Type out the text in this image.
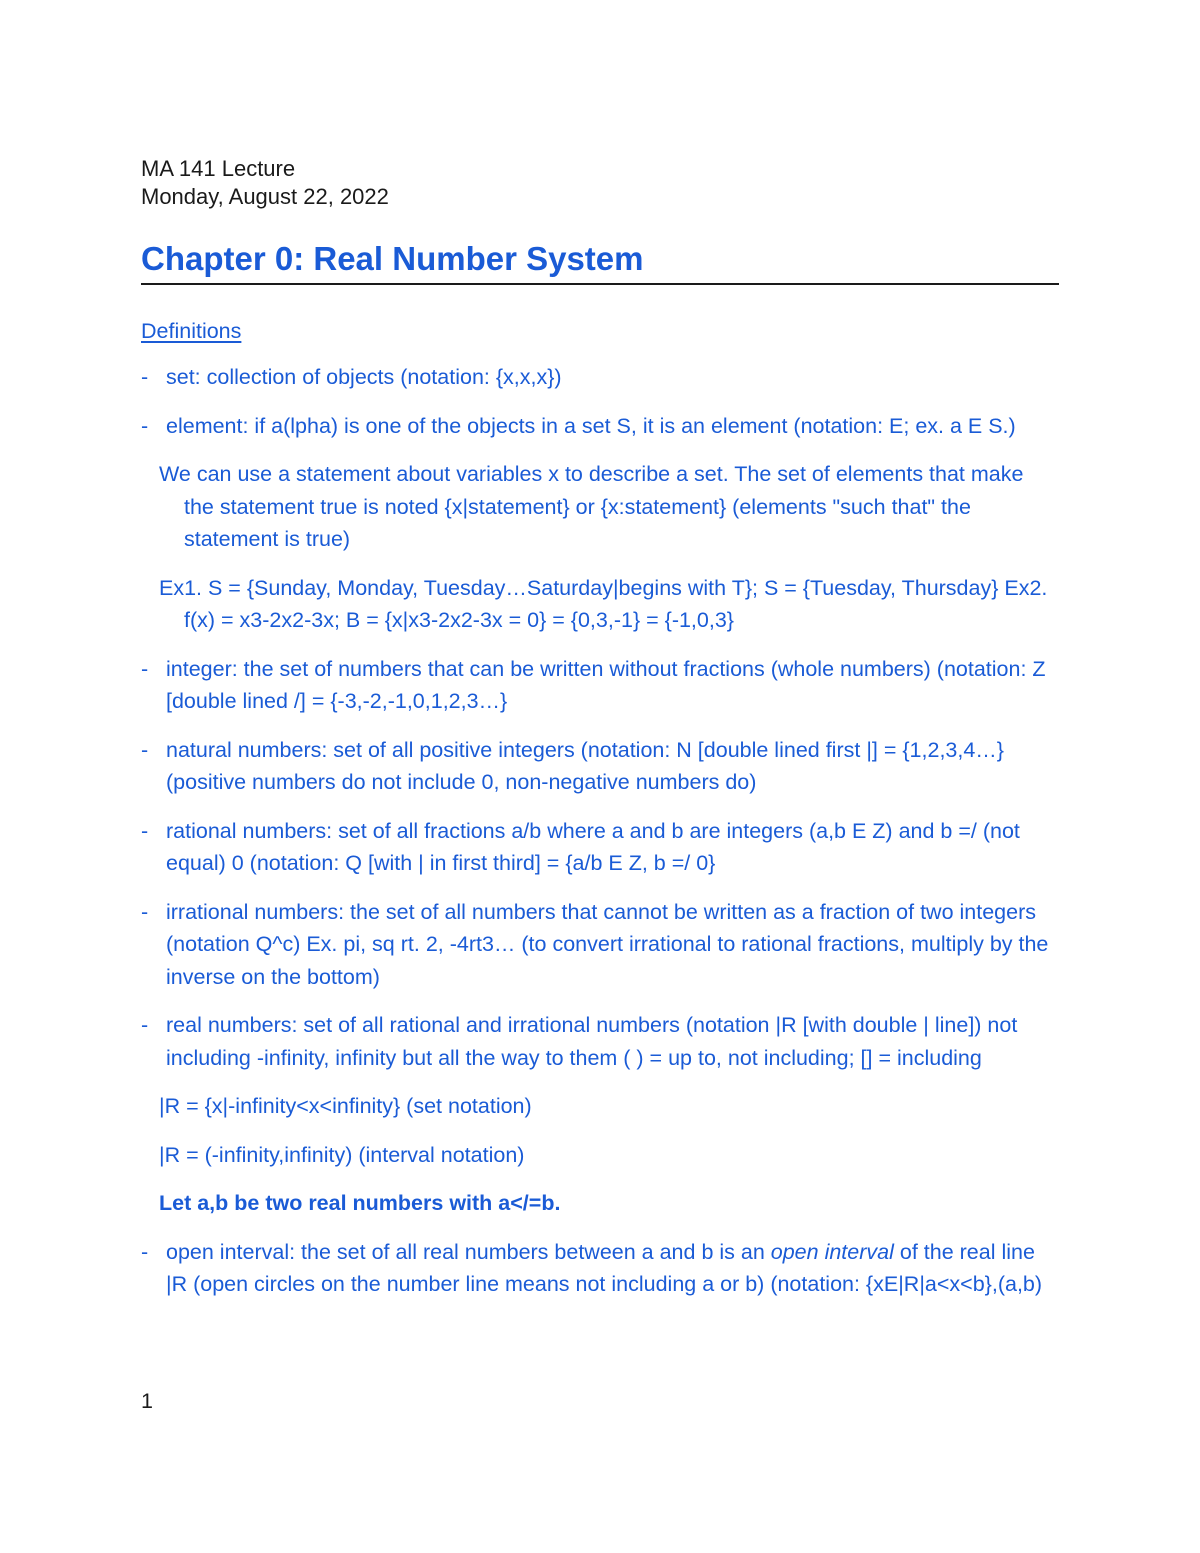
MA 141 Lecture
Monday, August 22, 2022
Chapter 0: Real Number System
Definitions
- set: collection of objects (notation: {x,x,x})
- element: if a(lpha) is one of the objects in a set S, it is an element (notation: E; ex. a E S.)
We can use a statement about variables x to describe a set. The set of elements that make the statement true is noted {x|statement} or {x:statement} (elements "such that" the statement is true)
Ex1. S = {Sunday, Monday, Tuesday…Saturday|begins with T}; S = {Tuesday, Thursday} Ex2. f(x) = x3-2x2-3x; B = {x|x3-2x2-3x = 0} = {0,3,-1} = {-1,0,3}
- integer: the set of numbers that can be written without fractions (whole numbers) (notation: Z [double lined /] = {-3,-2,-1,0,1,2,3…}
- natural numbers: set of all positive integers (notation: N [double lined first |] = {1,2,3,4…} (positive numbers do not include 0, non-negative numbers do)
- rational numbers: set of all fractions a/b where a and b are integers (a,b E Z) and b =/ (not equal) 0 (notation: Q [with | in first third] = {a/b E Z, b =/ 0}
- irrational numbers: the set of all numbers that cannot be written as a fraction of two integers (notation Q^c) Ex. pi, sq rt. 2, -4rt3… (to convert irrational to rational fractions, multiply by the inverse on the bottom)
- real numbers: set of all rational and irrational numbers (notation |R [with double | line]) not including -infinity, infinity but all the way to them ( ) = up to, not including; [] = including
|R = {x|-infinity<x<infinity} (set notation)
|R = (-infinity,infinity) (interval notation)
Let a,b be two real numbers with a</=b.
- open interval: the set of all real numbers between a and b is an open interval of the real line |R (open circles on the number line means not including a or b) (notation: {xE|R|a<x<b},(a,b)
1
